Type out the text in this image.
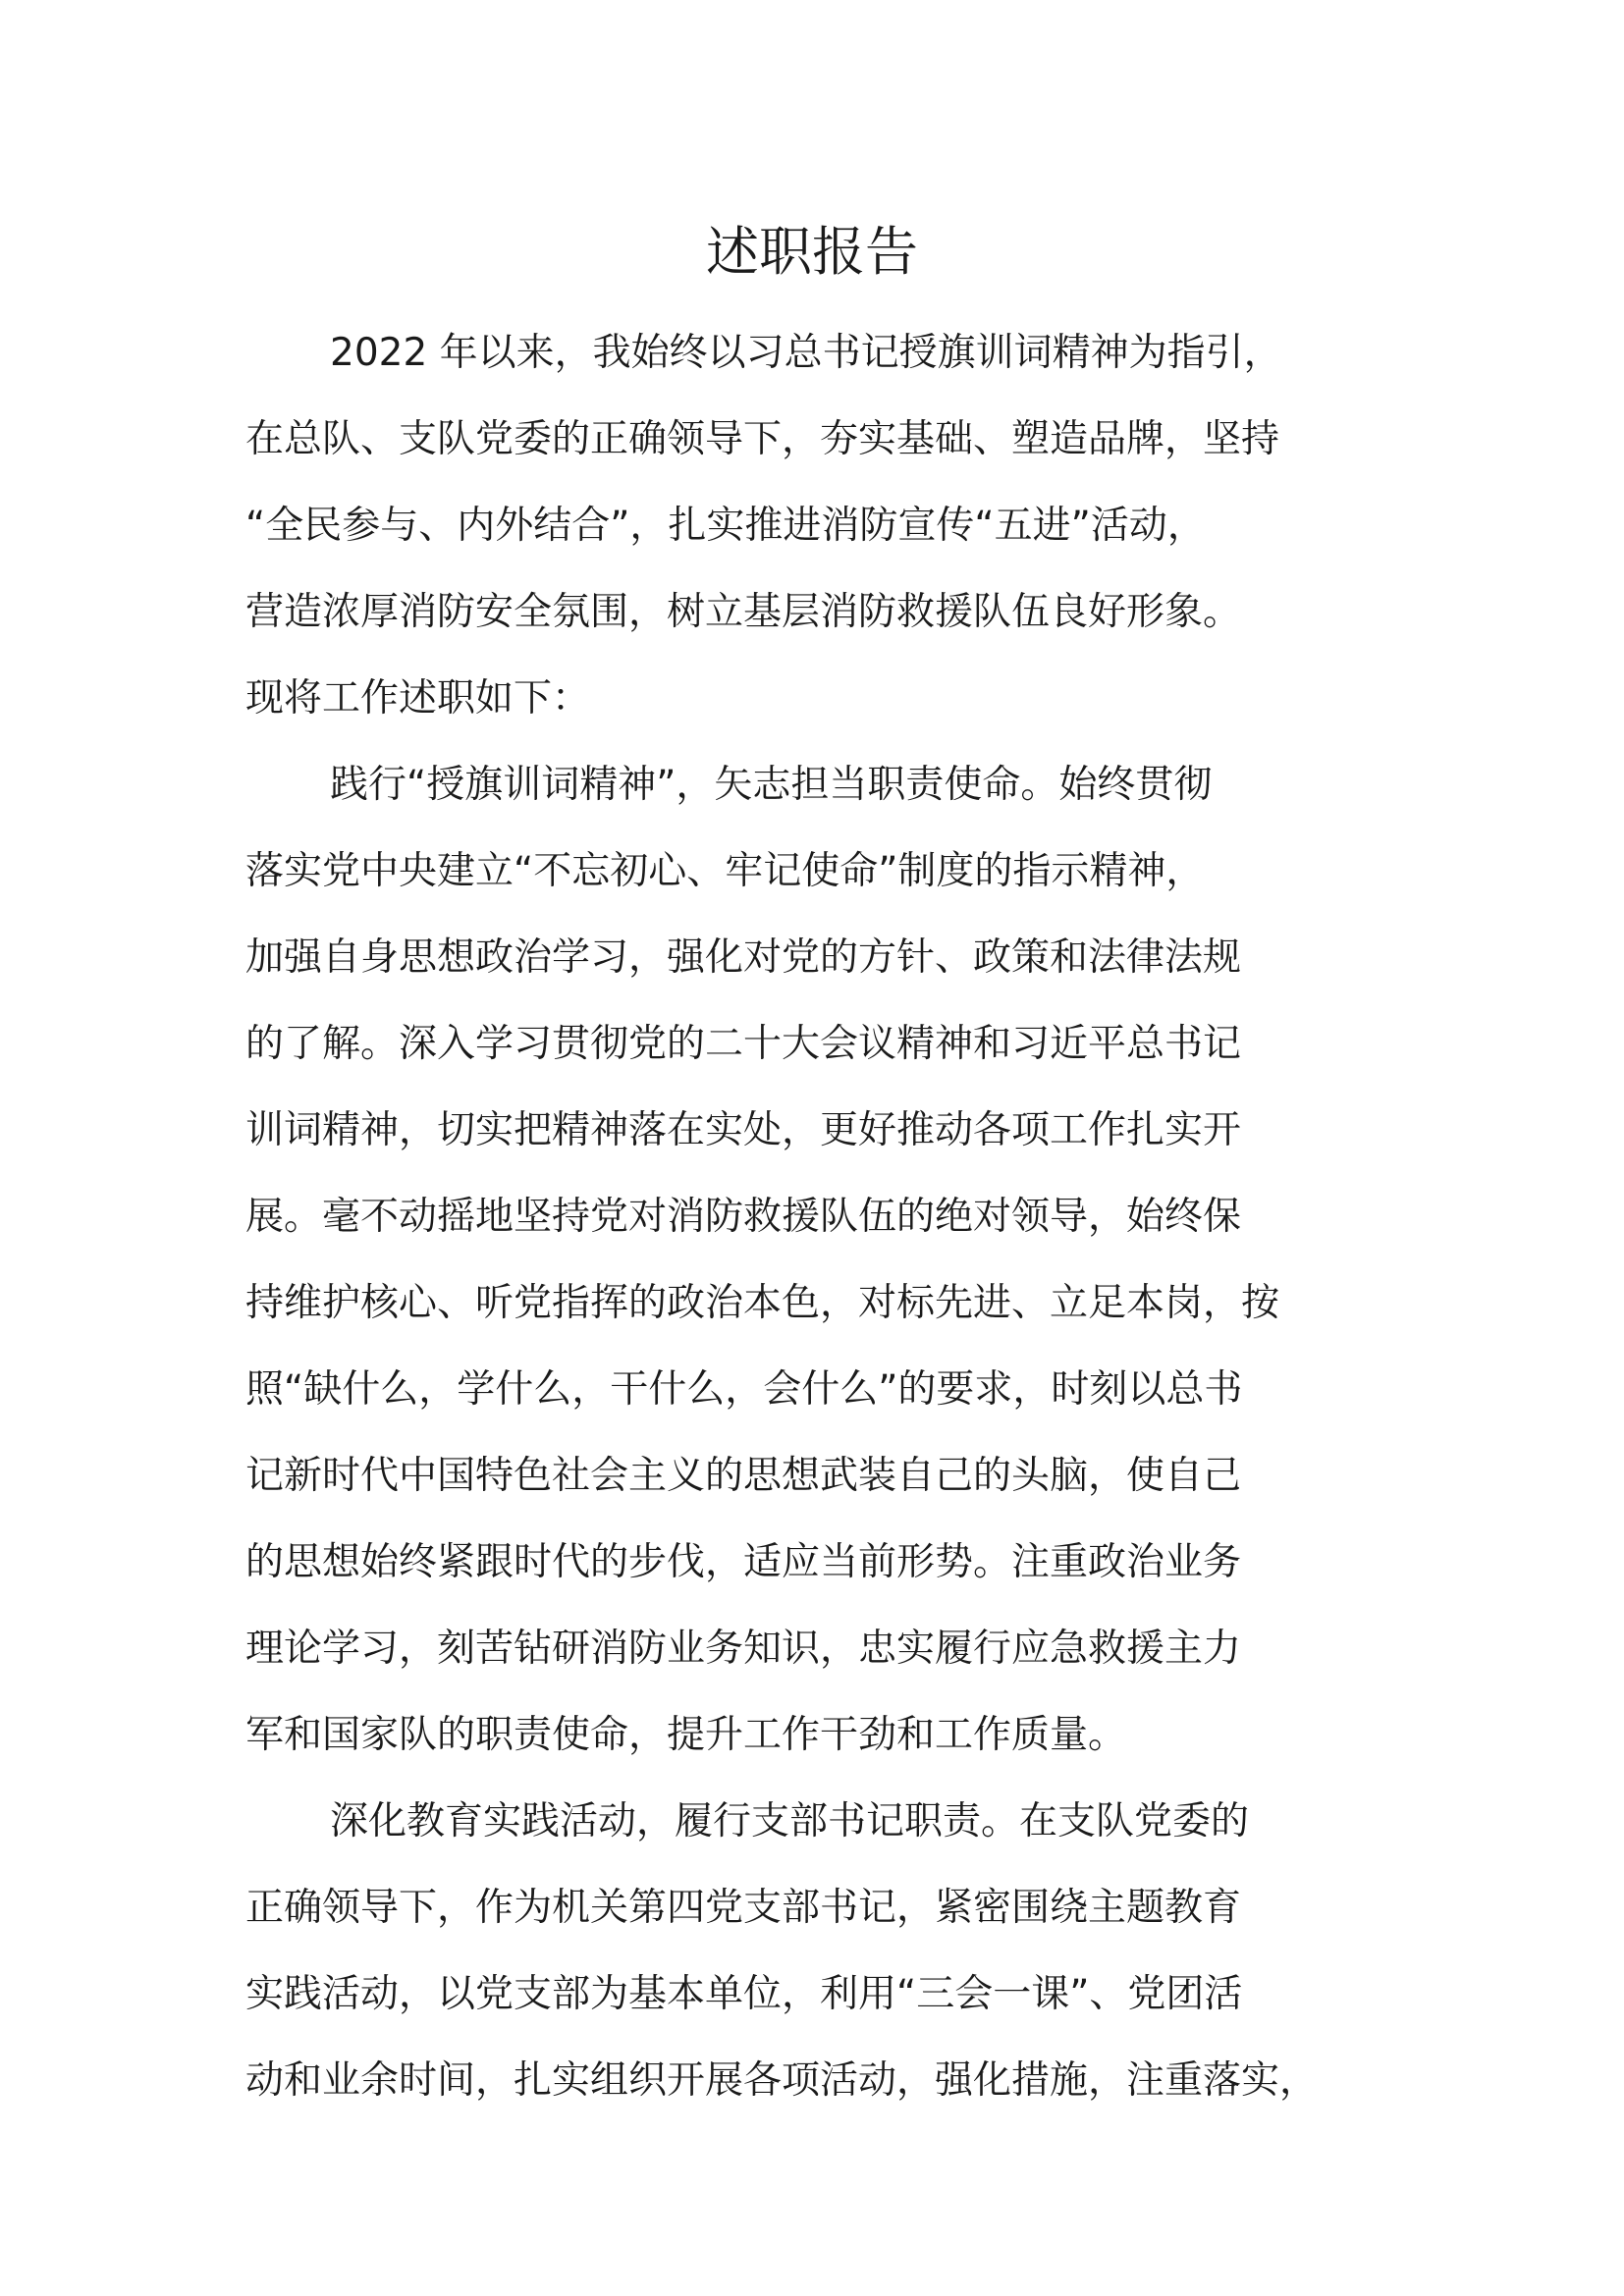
述职报告

2022 年以来，我始终以习总书记授旗训词精神为指引，
在总队、支队党委的正确领导下，夯实基础、塑造品牌，坚持
“全民参与、内外结合”，扎实推进消防宣传“五进”活动，
营造浓厚消防安全氛围，树立基层消防救援队伍良好形象。
现将工作述职如下：

践行“授旗训词精神”，矢志担当职责使命。始终贯彻
落实党中央建立“不忘初心、牢记使命”制度的指示精神，
加强自身思想政治学习，强化对党的方针、政策和法律法规
的了解。深入学习贯彻党的二十大会议精神和习近平总书记
训词精神，切实把精神落在实处，更好推动各项工作扎实开
展。毫不动摇地坚持党对消防救援队伍的绝对领导，始终保
持维护核心、听党指挥的政治本色，对标先进、立足本岗，按
照“缺什么，学什么，干什么，会什么”的要求，时刻以总书
记新时代中国特色社会主义的思想武装自己的头脑，使自己
的思想始终紧跟时代的步伐，适应当前形势。注重政治业务
理论学习，刻苦钻研消防业务知识，忠实履行应急救援主力
军和国家队的职责使命，提升工作干劲和工作质量。

深化教育实践活动，履行支部书记职责。在支队党委的
正确领导下，作为机关第四党支部书记，紧密围绕主题教育
实践活动，以党支部为基本单位，利用“三会一课”、党团活
动和业余时间，扎实组织开展各项活动，强化措施，注重落实，
